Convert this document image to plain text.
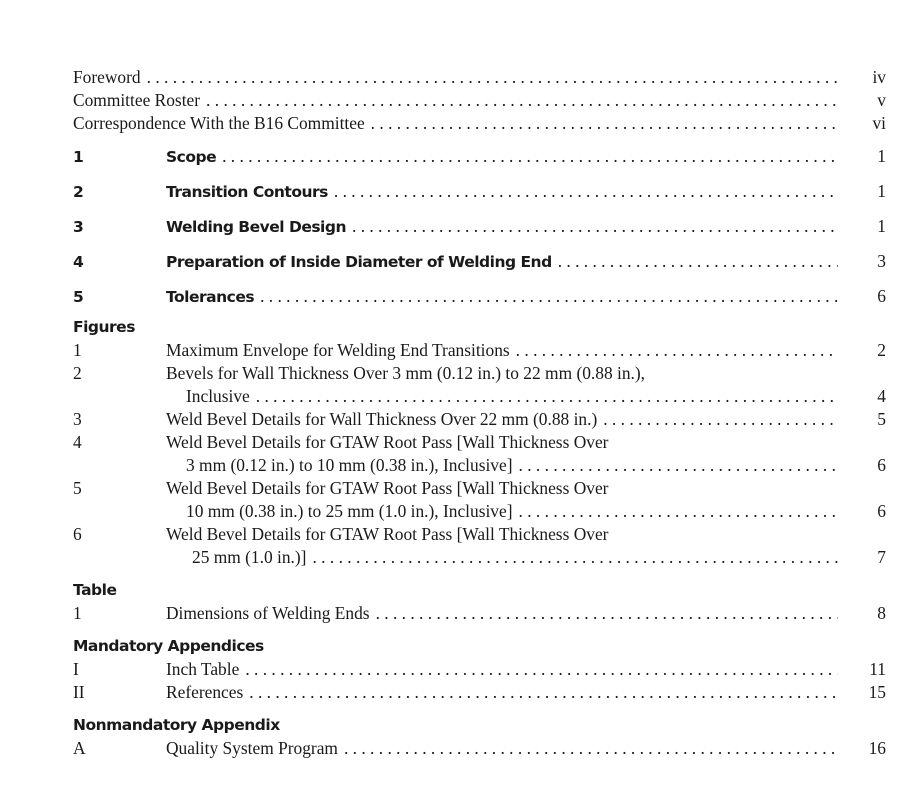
Foreword . . .	iv
Committee Roster . . .	v
Correspondence With the B16 Committee . . .	vi
1	Scope . . .	1
2	Transition Contours . . .	1
3	Welding Bevel Design . . .	1
4	Preparation of Inside Diameter of Welding End . . .	3
5	Tolerances . . .	6
Figures
1	Maximum Envelope for Welding End Transitions . . .	2
2	Bevels for Wall Thickness Over 3 mm (0.12 in.) to 22 mm (0.88 in.),
Inclusive . . .	4
3	Weld Bevel Details for Wall Thickness Over 22 mm (0.88 in.) . . .	5
4	Weld Bevel Details for GTAW Root Pass [Wall Thickness Over
3 mm (0.12 in.) to 10 mm (0.38 in.), Inclusive] . . .	6
5	Weld Bevel Details for GTAW Root Pass [Wall Thickness Over
10 mm (0.38 in.) to 25 mm (1.0 in.), Inclusive] . . .	6
6	Weld Bevel Details for GTAW Root Pass [Wall Thickness Over
25 mm (1.0 in.)] . . .	7
Table
1	Dimensions of Welding Ends . . .	8
Mandatory Appendices
I	Inch Table . . .	11
II	References . . .	15
Nonmandatory Appendix
A	Quality System Program . . .	16
